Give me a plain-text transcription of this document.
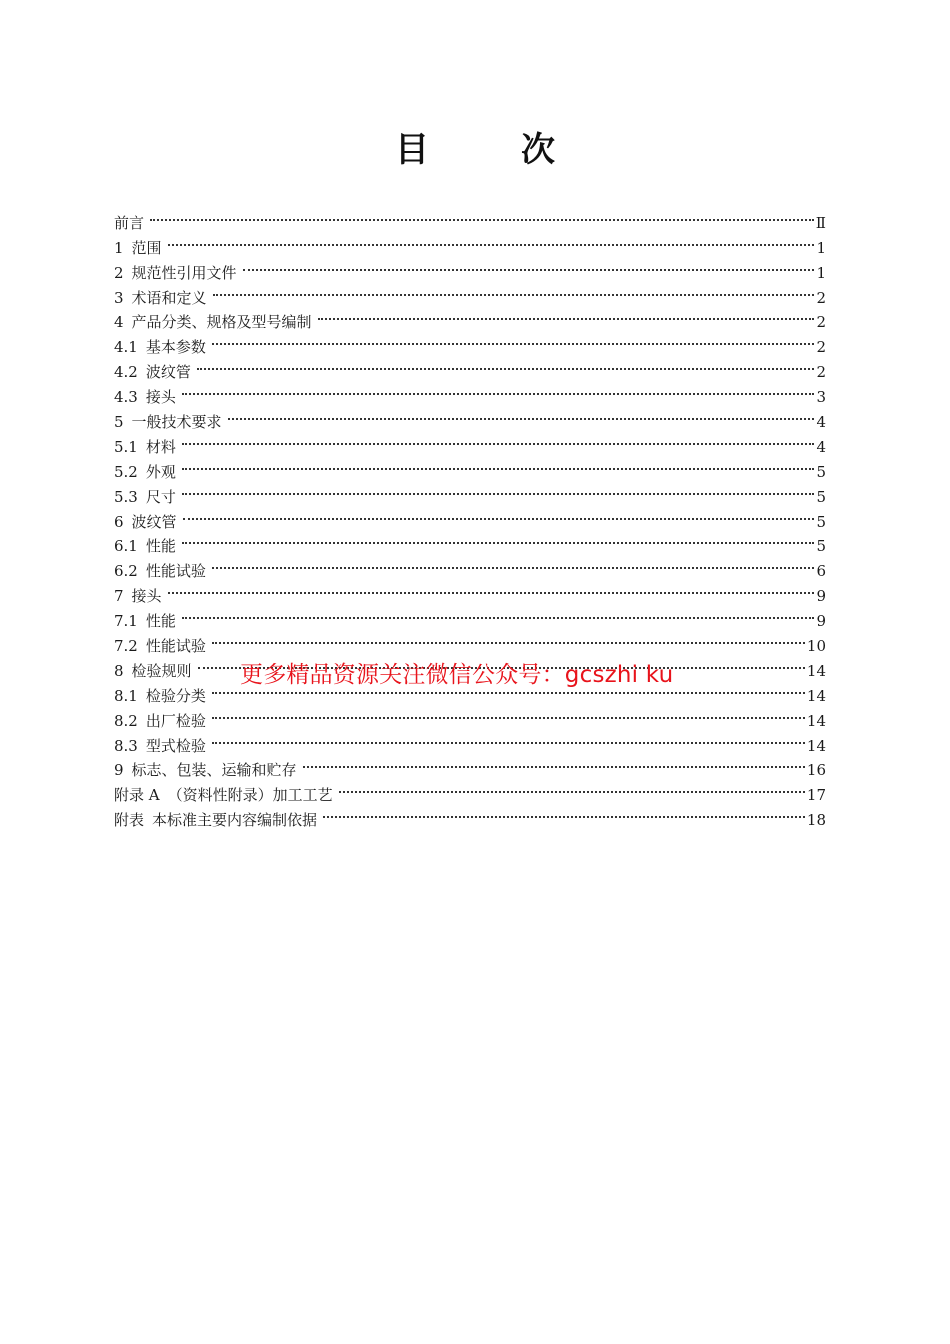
目	次
前言	Ⅱ
1 范围	1
2 规范性引用文件	1
3 术语和定义	2
4 产品分类、规格及型号编制	2
4.1 基本参数	2
4.2 波纹管	2
4.3 接头	3
5 一般技术要求	4
5.1 材料	4
5.2 外观	5
5.3 尺寸	5
6 波纹管	5
6.1 性能	5
6.2 性能试验	6
7 接头	9
7.1 性能	9
7.2 性能试验	10
8 检验规则	14
8.1 检验分类	14
8.2 出厂检验	14
8.3 型式检验	14
9 标志、包装、运输和贮存	16
附录 A （资料性附录）加工工艺	17
附表 本标准主要内容编制依据	18
更多精品资源关注微信公众号：gcszhi ku
